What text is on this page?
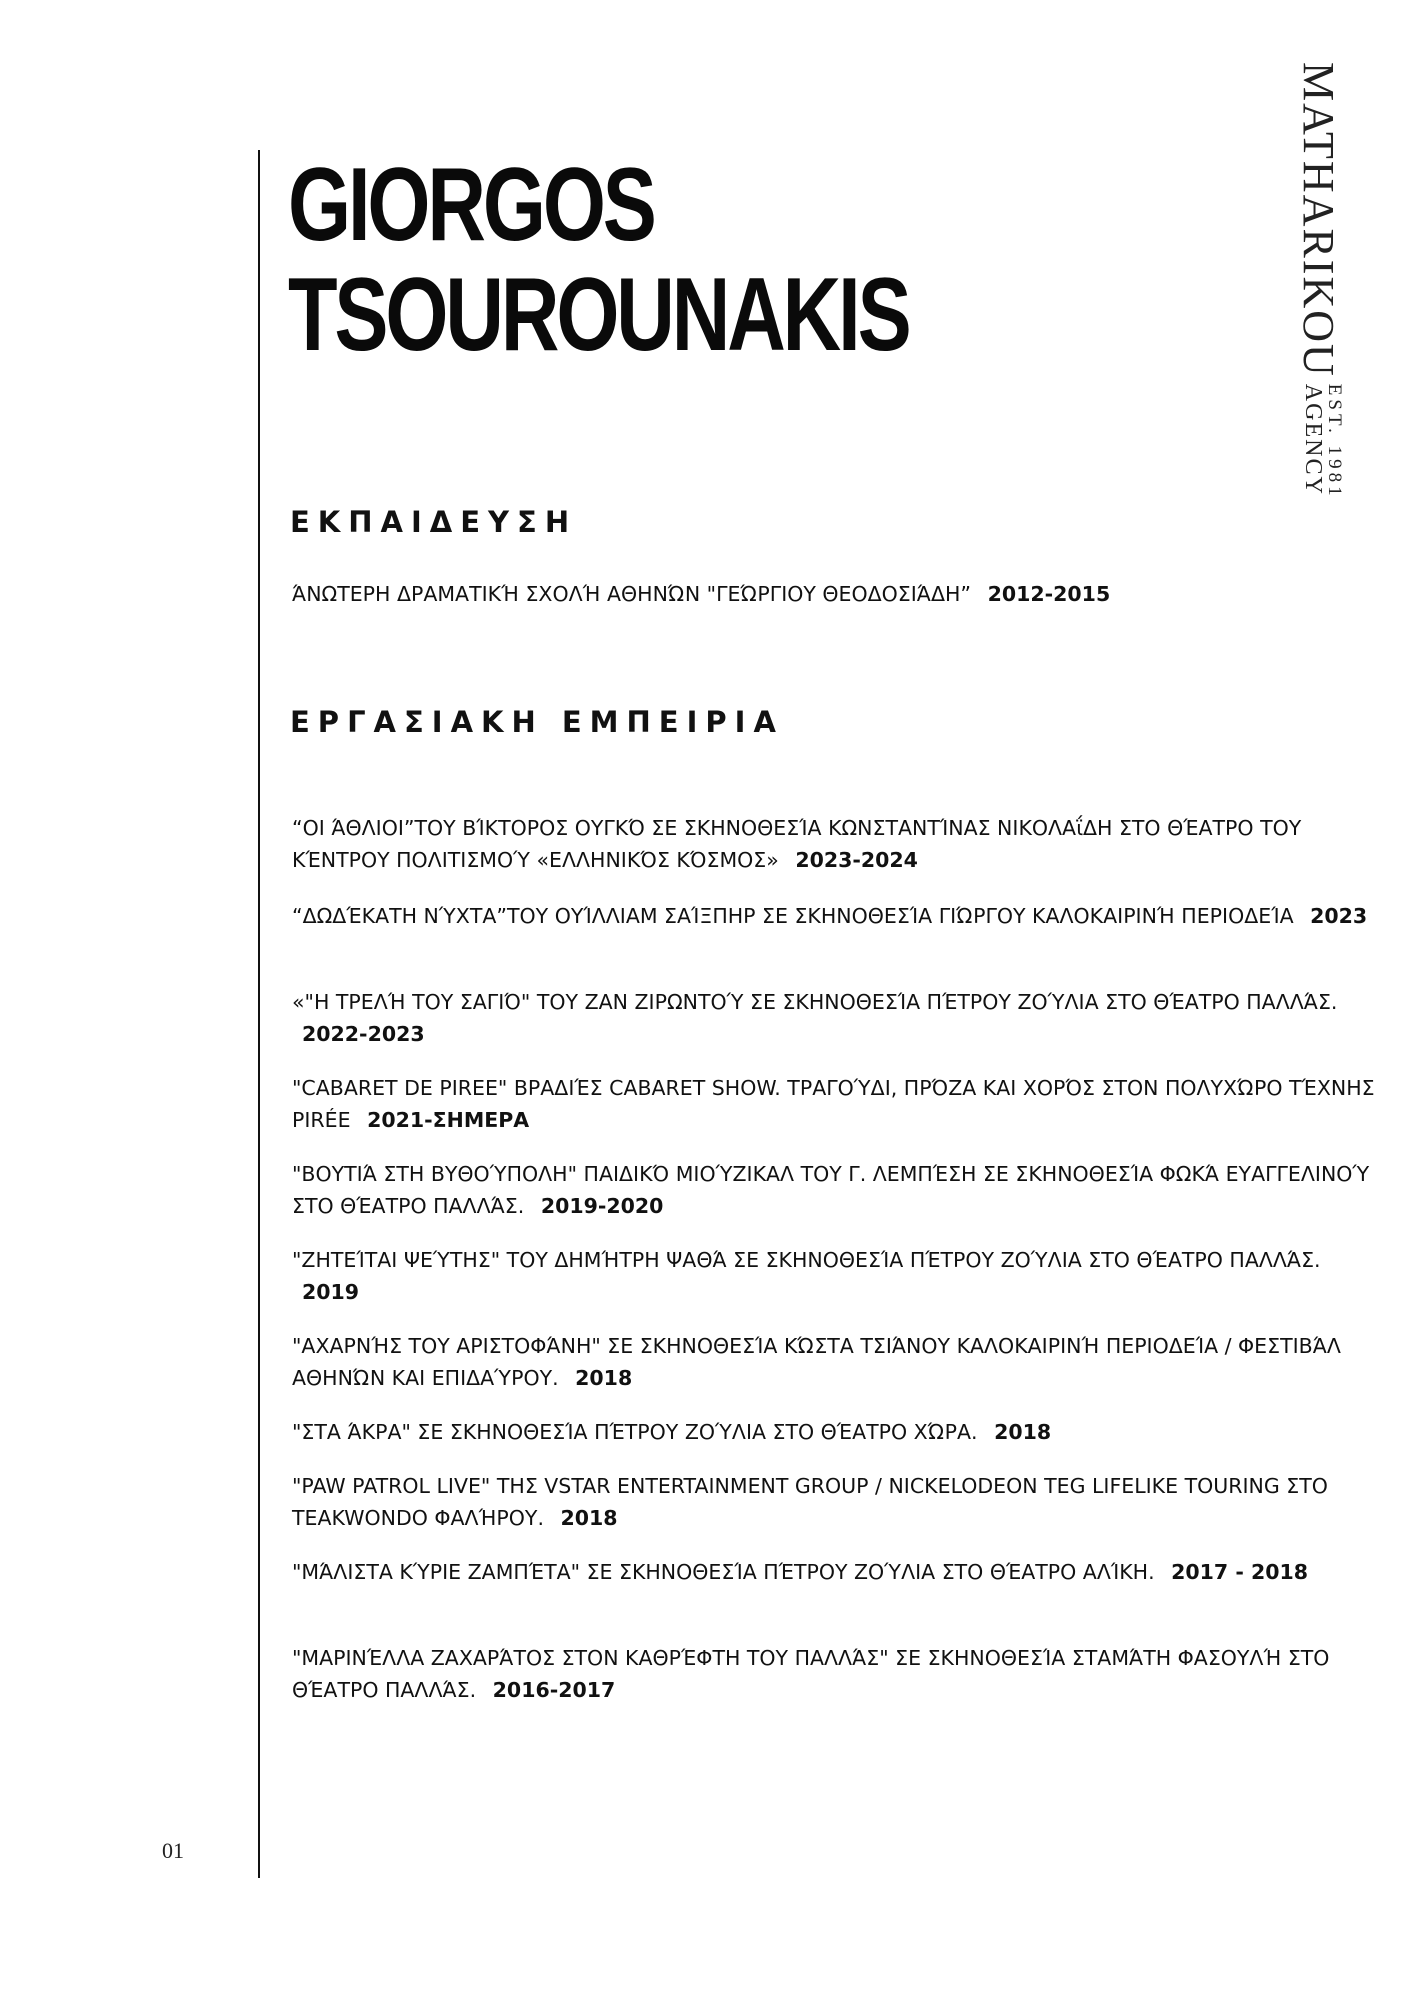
GIORGOS
TSOUROUNAKIS	MATHARIKOU
EST. 1981
AGENCY
ΕΚΠΑΙΔΕΥΣΗ

ΆΝΩΤΕΡΗ ΔΡΑΜΑΤΙΚΉ ΣΧΟΛΉ ΑΘΗΝΏΝ "ΓΕΏΡΓΙΟΥ ΘΕΟΔΟΣΙΆΔΗ” 2012-2015

ΕΡΓΑΣΙΑΚΗ ΕΜΠΕΙΡΙΑ

“ΟΙ ΆΘΛΙΟΙ”ΤΟΥ ΒΊΚΤΟΡΟΣ ΟΥΓΚΌ ΣΕ ΣΚΗΝΟΘΕΣΊΑ ΚΩΝΣΤΑΝΤΊΝΑΣ ΝΙΚΟΛΑΐΔΗ ΣΤΟ ΘΈΑΤΡΟ ΤΟΥ ΚΈΝΤΡΟΥ ΠΟΛΙΤΙΣΜΟΎ «ΕΛΛΗΝΙΚΌΣ ΚΌΣΜΟΣ» 2023-2024

“ΔΩΔΈΚΑΤΗ ΝΎΧΤΑ”ΤΟΥ ΟΥΊΛΛΙΑΜ ΣΑΊΞΠΗΡ ΣΕ ΣΚΗΝΟΘΕΣΊΑ ΓΙΏΡΓΟΥ ΚΑΛΟΚΑΙΡΙΝΉ ΠΕΡΙΟΔΕΊΑ 2023

«"Η ΤΡΕΛΉ ΤΟΥ ΣΑΓΙΌ" ΤΟΥ ΖΑΝ ΖΙΡΩΝΤΟΎ ΣΕ ΣΚΗΝΟΘΕΣΊΑ ΠΈΤΡΟΥ ΖΟΎΛΙΑ ΣΤΟ ΘΈΑΤΡΟ ΠΑΛΛΆΣ. 2022-2023

"CABARET DE PIREE" ΒΡΑΔΙΈΣ CABARET SHOW. ΤΡΑΓΟΎΔΙ, ΠΡΌΖΑ ΚΑΙ ΧΟΡΌΣ ΣΤΟΝ ΠΟΛΥΧΏΡΟ ΤΈΧΝΗΣ PIRÉE 2021-ΣΗΜΕΡΑ

"ΒΟΥΤΙΆ ΣΤΗ ΒΥΘΟΎΠΟΛΗ" ΠΑΙΔΙΚΌ ΜΙΟΎΖΙΚΑΛ ΤΟΥ Γ. ΛΕΜΠΈΣΗ ΣΕ ΣΚΗΝΟΘΕΣΊΑ ΦΩΚΆ ΕΥΑΓΓΕΛΙΝΟΎ ΣΤΟ ΘΈΑΤΡΟ ΠΑΛΛΆΣ. 2019-2020

"ΖΗΤΕΊΤΑΙ ΨΕΎΤΗΣ" ΤΟΥ ΔΗΜΉΤΡΗ ΨΑΘΆ ΣΕ ΣΚΗΝΟΘΕΣΊΑ ΠΈΤΡΟΥ ΖΟΎΛΙΑ ΣΤΟ ΘΈΑΤΡΟ ΠΑΛΛΆΣ. 2019

"ΑΧΑΡΝΉΣ ΤΟΥ ΑΡΙΣΤΟΦΆΝΗ" ΣΕ ΣΚΗΝΟΘΕΣΊΑ ΚΏΣΤΑ ΤΣΙΆΝΟΥ ΚΑΛΟΚΑΙΡΙΝΉ ΠΕΡΙΟΔΕΊΑ / ΦΕΣΤΙΒΆΛ ΑΘΗΝΏΝ ΚΑΙ ΕΠΙΔΑΎΡΟΥ. 2018

"ΣΤΑ ΆΚΡΑ" ΣΕ ΣΚΗΝΟΘΕΣΊΑ ΠΈΤΡΟΥ ΖΟΎΛΙΑ ΣΤΟ ΘΈΑΤΡΟ ΧΏΡΑ. 2018

"PAW PATROL LIVE" ΤΗΣ VSTAR ENTERTAINMENT GROUP / NICKELODEON TEG LIFELIKE TOURING ΣΤΟ TEAKWONDO ΦΑΛΉΡΟΥ. 2018

"ΜΆΛΙΣΤΑ ΚΎΡΙΕ ΖΑΜΠΈΤΑ" ΣΕ ΣΚΗΝΟΘΕΣΊΑ ΠΈΤΡΟΥ ΖΟΎΛΙΑ ΣΤΟ ΘΈΑΤΡΟ ΑΛΊΚΗ. 2017 - 2018

"ΜΑΡΙΝΈΛΛΑ ΖΑΧΑΡΆΤΟΣ ΣΤΟΝ ΚΑΘΡΈΦΤΗ ΤΟΥ ΠΑΛΛΆΣ" ΣΕ ΣΚΗΝΟΘΕΣΊΑ ΣΤΑΜΆΤΗ ΦΑΣΟΥΛΉ ΣΤΟ ΘΈΑΤΡΟ ΠΑΛΛΆΣ. 2016-2017

01
